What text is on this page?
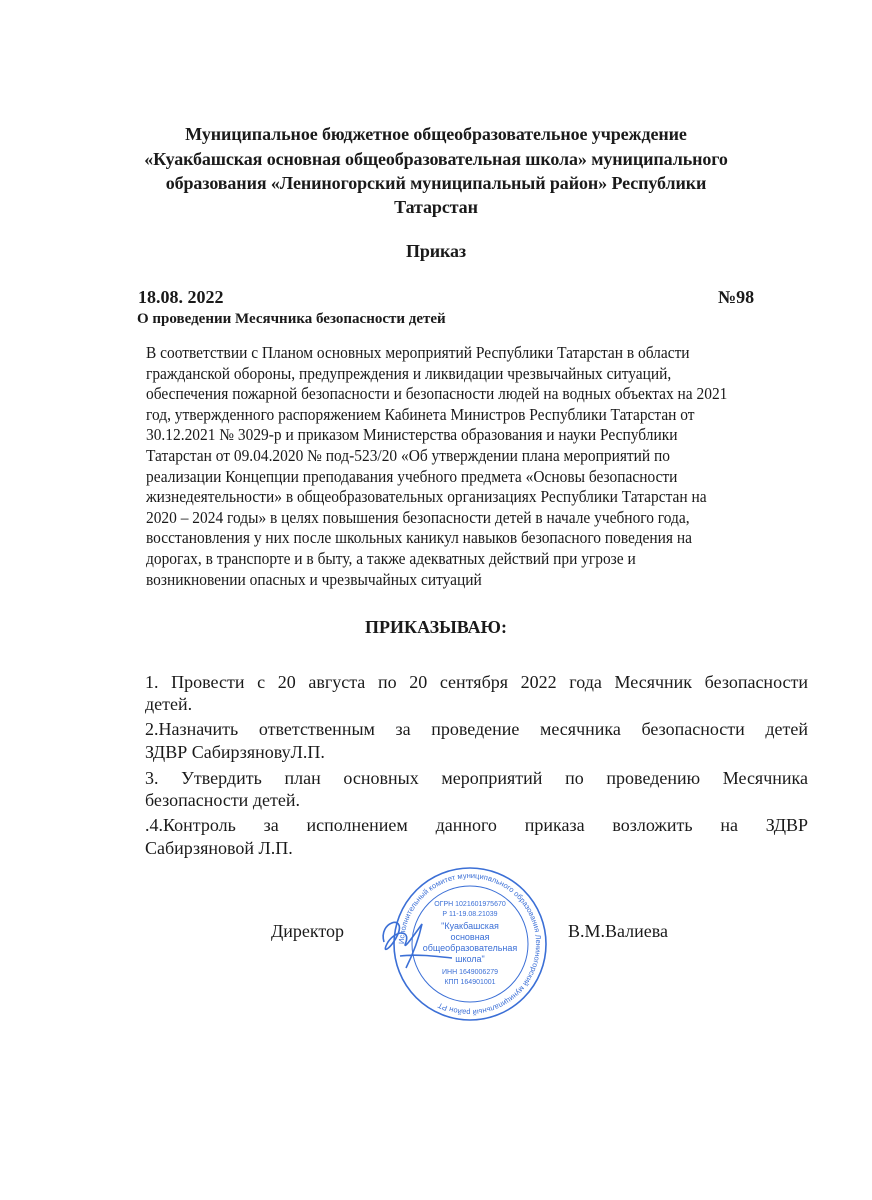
Муниципальное бюджетное общеобразовательное учреждение
«Куакбашская основная общеобразовательная школа» муниципального
образования «Лениногорский муниципальный район» Республики
Татарстан
Приказ
18.08. 2022	№98
О проведении Месячника безопасности детей
В соответствии с Планом основных мероприятий Республики Татарстан в области
гражданской обороны, предупреждения и ликвидации чрезвычайных ситуаций,
обеспечения пожарной безопасности и безопасности людей на водных объектах на 2021
год, утвержденного распоряжением Кабинета Министров Республики Татарстан от
30.12.2021 № 3029-р и приказом Министерства образования и науки Республики
Татарстан от 09.04.2020 № под-523/20 «Об утверждении плана мероприятий по
реализации Концепции преподавания учебного предмета «Основы безопасности
жизнедеятельности» в общеобразовательных организациях Республики Татарстан на
2020 – 2024 годы» в целях повышения безопасности детей в начале учебного года,
восстановления у них после школьных каникул навыков безопасного поведения на
дорогах, в транспорте и в быту, а также адекватных действий при угрозе и
возникновении опасных и чрезвычайных ситуаций
ПРИКАЗЫВАЮ:
1. Провести с 20 августа по 20 сентября 2022 года Месячник безопасности
детей.
2.Назначить ответственным за проведение месячника безопасности детей
ЗДВР СабирзяновуЛ.П.
3. Утвердить план основных мероприятий по проведению Месячника
безопасности детей.
.4.Контроль за исполнением данного приказа возложить на ЗДВР
Сабирзяновой Л.П.
Директор	В.М.Валиева
Исполнительный комитет муниципального образования Лениногорский муниципальный район РТ
ОГРН 1021601975670
Р 11-19.08.21039
"Куакбашская
основная
общеобразовательная
школа"
ИНН 1649006279
КПП 164901001
